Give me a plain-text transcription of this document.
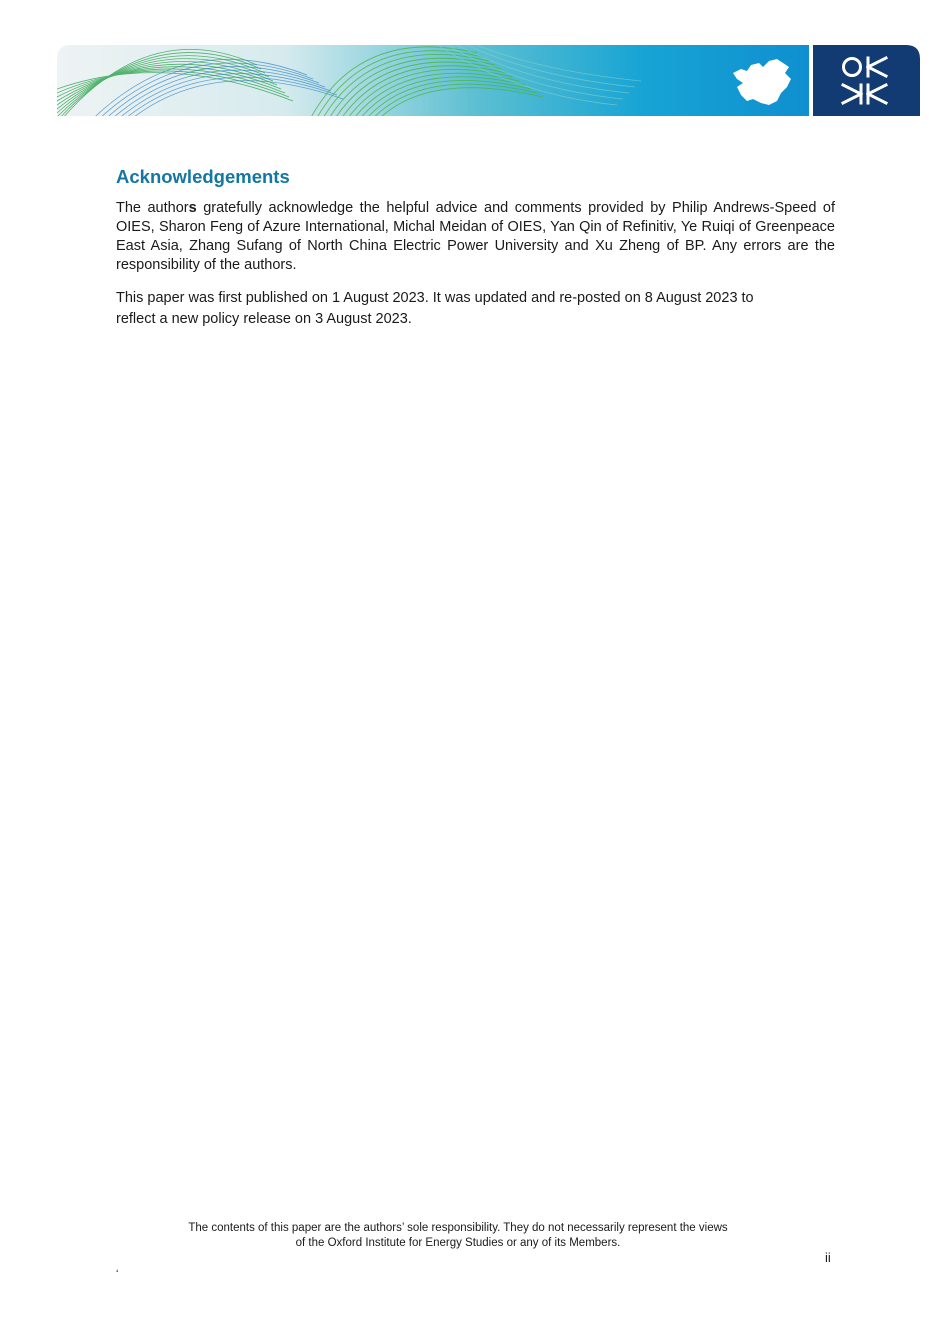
Acknowledgements

The authors gratefully acknowledge the helpful advice and comments provided by Philip Andrews-Speed of OIES, Sharon Feng of Azure International, Michal Meidan of OIES, Yan Qin of Refinitiv, Ye Ruiqi of Greenpeace East Asia, Zhang Sufang of North China Electric Power University and Xu Zheng of BP. Any errors are the responsibility of the authors.

This paper was first published on 1 August 2023. It was updated and re-posted on 8 August 2023 to
reflect a new policy release on 3 August 2023.
The contents of this paper are the authors’ sole responsibility. They do not necessarily represent the views
of the Oxford Institute for Energy Studies or any of its Members.
ii
‘
